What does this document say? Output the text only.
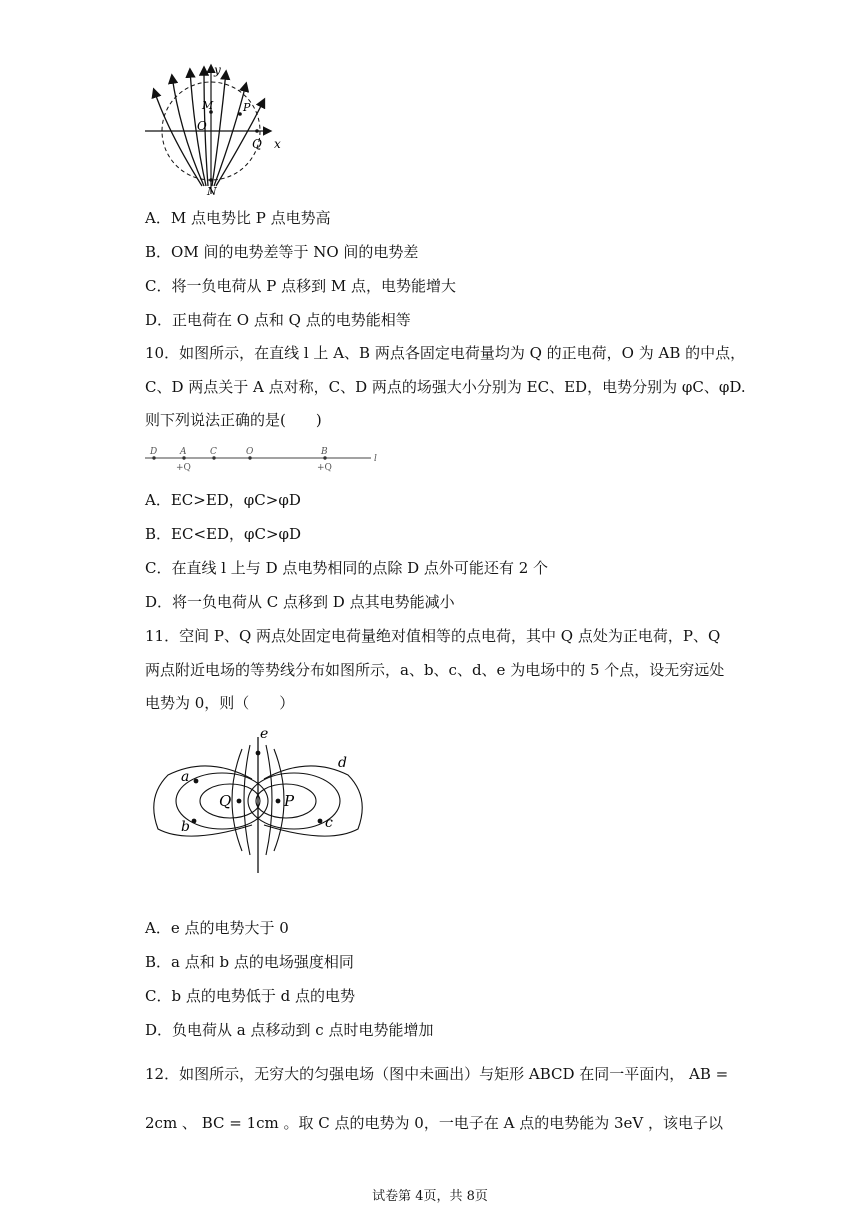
y
x
O
M	P
Q
N
A．M 点电势比 P 点电势高
B．OM 间的电势差等于 NO 间的电势差
C．将一负电荷从 P 点移到 M 点，电势能增大
D．正电荷在 O 点和 Q 点的电势能相等
10．如图所示，在直线 l 上 A、B 两点各固定电荷量均为 Q 的正电荷，O 为 AB 的中点，
C、D 两点关于 A 点对称，C、D 两点的场强大小分别为 EC、ED，电势分别为 φC、φD.
则下列说法正确的是(　　)
D	A	C	O	B
l
+Q	+Q
A．EC>ED，φC>φD
B．EC<ED，φC>φD
C．在直线 l 上与 D 点电势相同的点除 D 点外可能还有 2 个
D．将一负电荷从 C 点移到 D 点其电势能减小
11．空间 P、Q 两点处固定电荷量绝对值相等的点电荷，其中 Q 点处为正电荷，P、Q
两点附近电场的等势线分布如图所示，a、b、c、d、e 为电场中的 5 个点，设无穷远处
电势为 0，则（　　）
e
a
b
Q	P
c
d
A．e 点的电势大于 0
B．a 点和 b 点的电场强度相同
C．b 点的电势低于 d 点的电势
D．负电荷从 a 点移动到 c 点时电势能增加
12．如图所示，无穷大的匀强电场（图中未画出）与矩形 ABCD 在同一平面内， AB =
2cm 、 BC = 1cm 。取 C 点的电势为 0，一电子在 A 点的电势能为 3eV ，该电子以
试卷第 4页，共 8页
